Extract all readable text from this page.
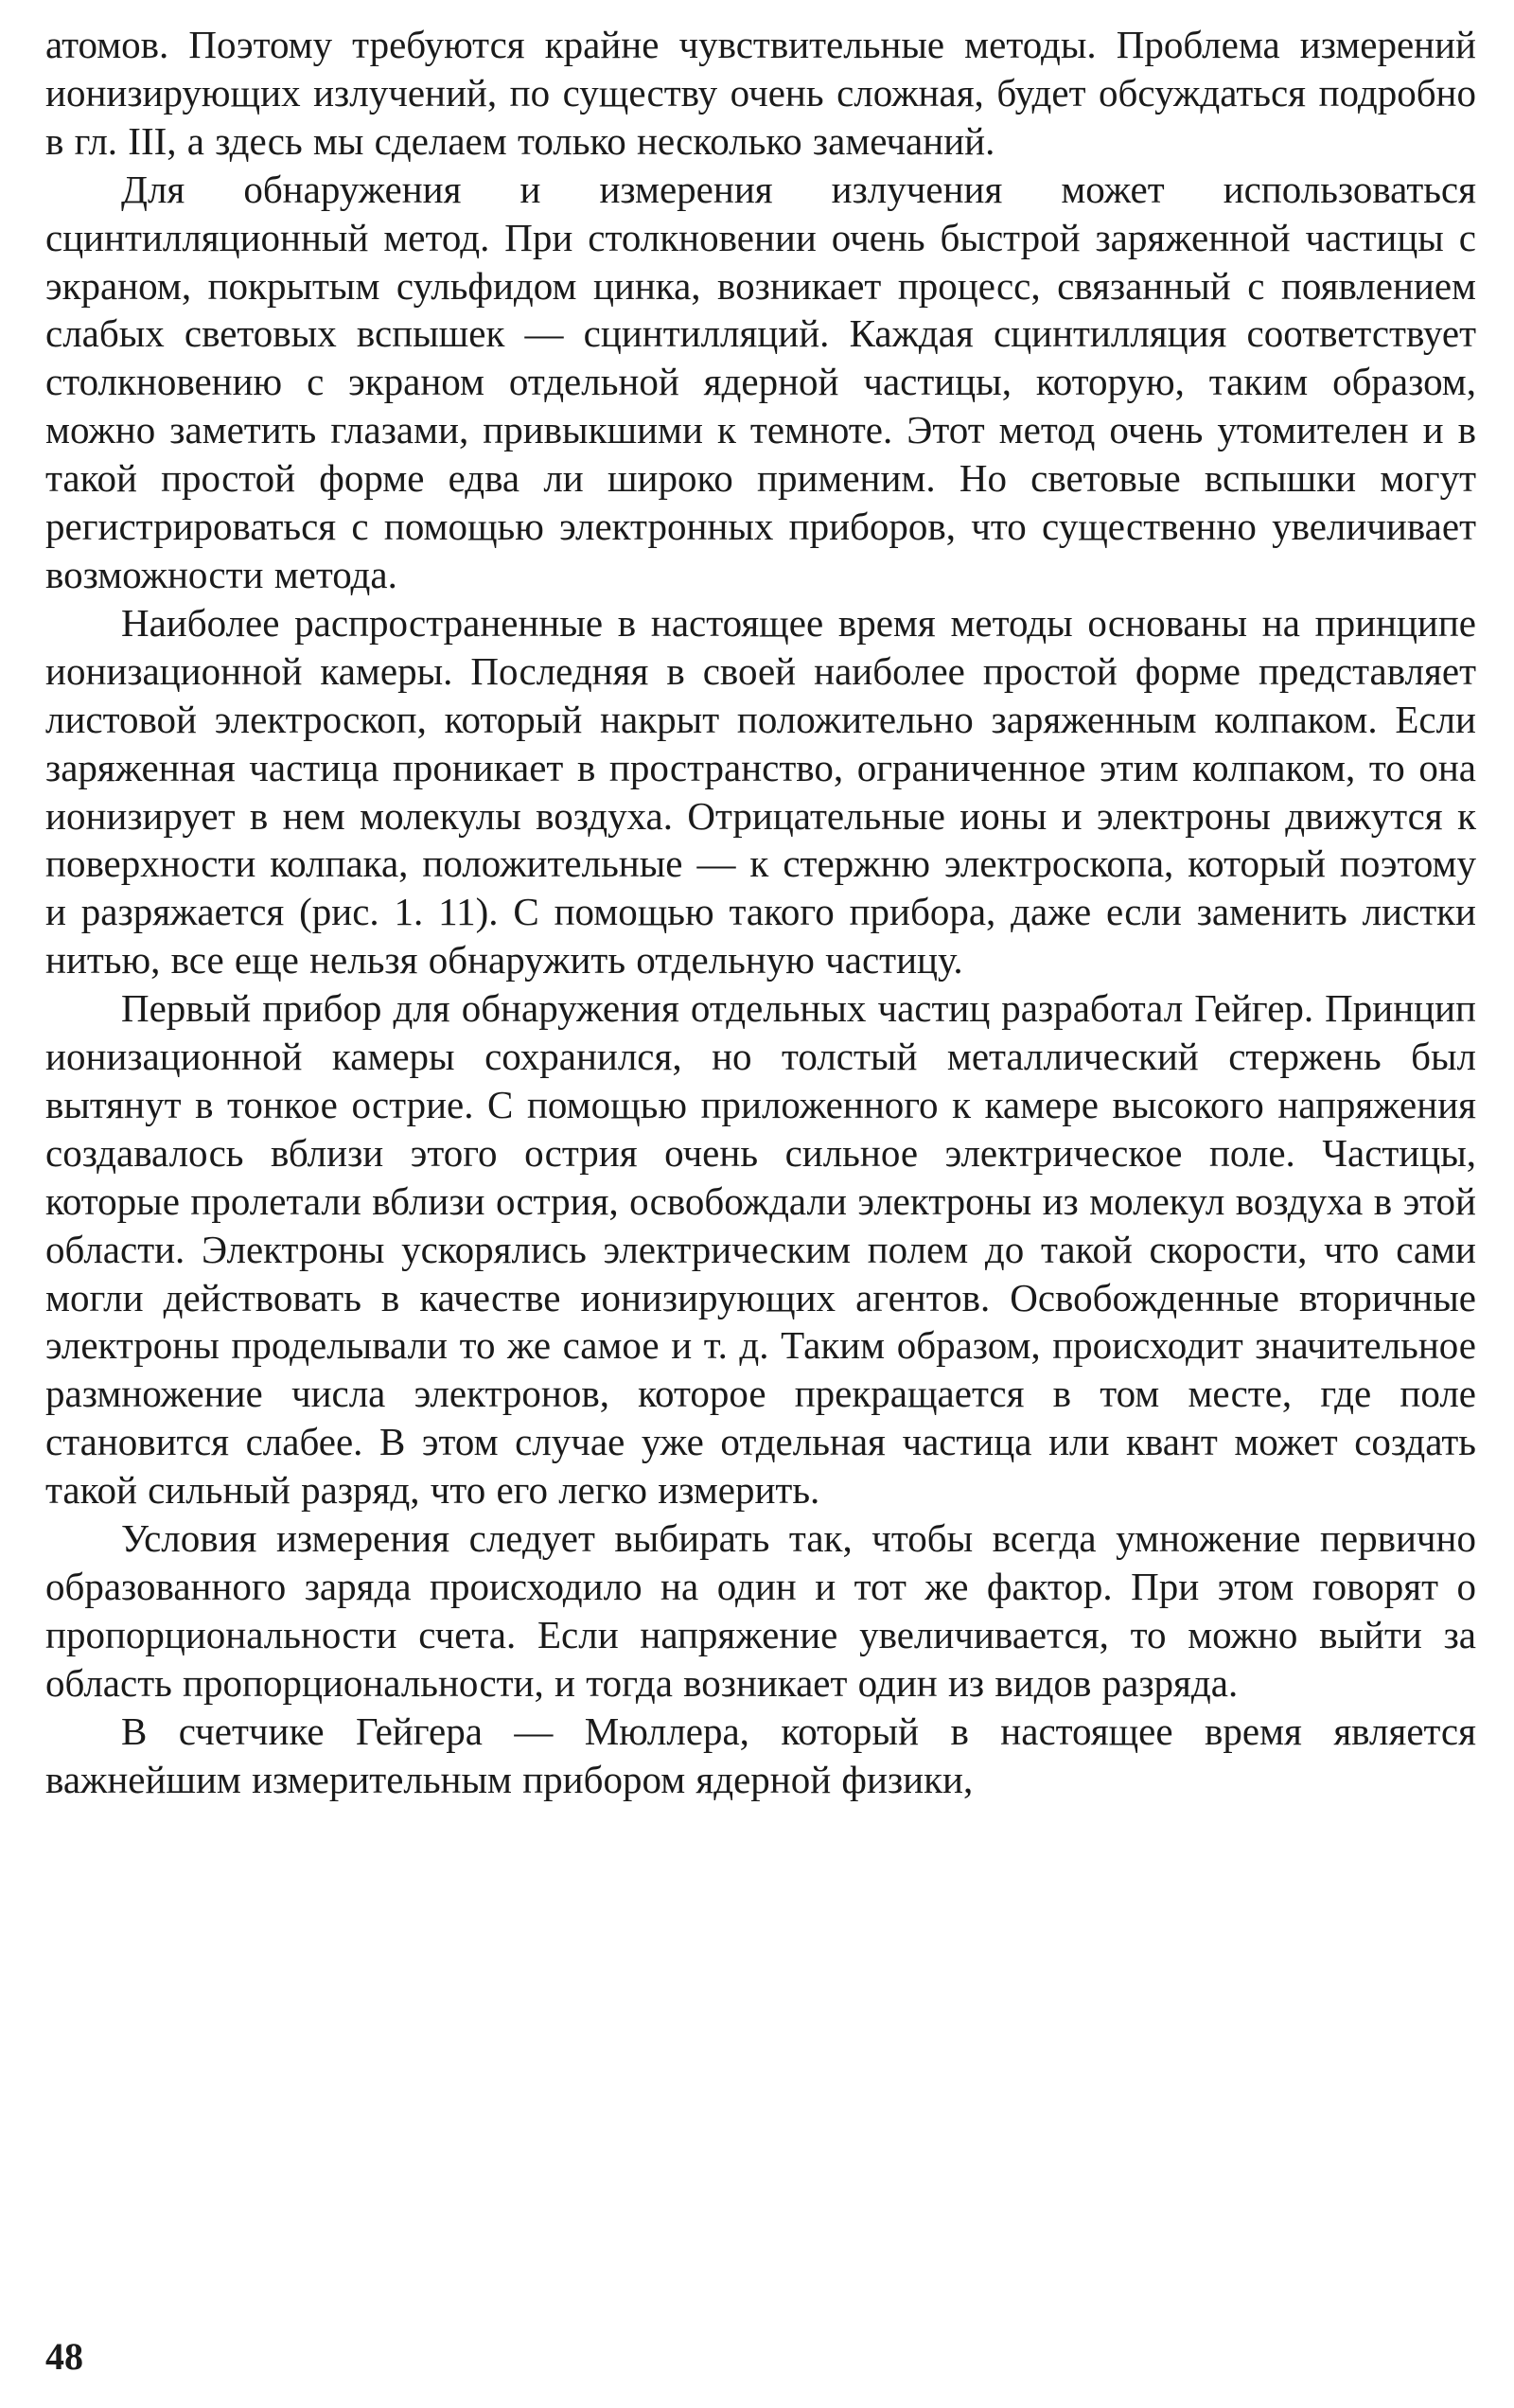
атомов. Поэтому требуются крайне чувствительные методы. Проблема измерений ионизирующих излучений, по существу очень сложная, будет обсуждаться подробно в гл. III, а здесь мы сделаем только несколько замечаний.

Для обнаружения и измерения излучения может использоваться сцинтилляционный метод. При столкновении очень быстрой заряженной частицы с экраном, покрытым сульфидом цинка, возникает процесс, связанный с появлением слабых световых вспышек — сцинтилляций. Каждая сцинтилляция соответствует столкновению с экраном отдельной ядерной частицы, которую, таким образом, можно заметить глазами, привыкшими к темноте. Этот метод очень утомителен и в такой простой форме едва ли широко применим. Но световые вспышки могут регистрироваться с помощью электронных приборов, что существенно увеличивает возможности метода.

Наиболее распространенные в настоящее время методы основаны на принципе ионизационной камеры. Последняя в своей наиболее простой форме представляет листовой электроскоп, который накрыт положительно заряженным колпаком. Если заряженная частица проникает в пространство, ограниченное этим колпаком, то она ионизирует в нем молекулы воздуха. Отрицательные ионы и электроны движутся к поверхности колпака, положительные — к стержню электроскопа, который поэтому и разряжается (рис. 1. 11). С помощью такого прибора, даже если заменить листки нитью, все еще нельзя обнаружить отдельную частицу.

Первый прибор для обнаружения отдельных частиц разработал Гейгер. Принцип ионизационной камеры сохранился, но толстый металлический стержень был вытянут в тонкое острие. С помощью приложенного к камере высокого напряжения создавалось вблизи этого острия очень сильное электрическое поле. Частицы, которые пролетали вблизи острия, освобождали электроны из молекул воздуха в этой области. Электроны ускорялись электрическим полем до такой скорости, что сами могли действовать в качестве ионизирующих агентов. Освобожденные вторичные электроны проделывали то же самое и т. д. Таким образом, происходит значительное размножение числа электронов, которое прекращается в том месте, где поле становится слабее. В этом случае уже отдельная частица или квант может создать такой сильный разряд, что его легко измерить.

Условия измерения следует выбирать так, чтобы всегда умножение первично образованного заряда происходило на один и тот же фактор. При этом говорят о пропорциональности счета. Если напряжение увеличивается, то можно выйти за область пропорциональности, и тогда возникает один из видов разряда.

В счетчике Гейгера — Мюллера, который в настоящее время является важнейшим измерительным прибором ядерной физики,

48
